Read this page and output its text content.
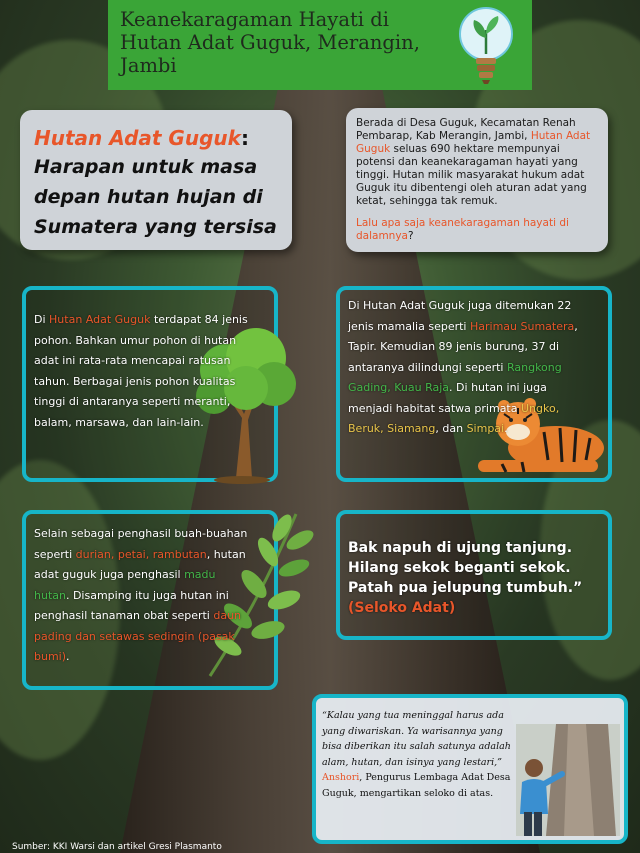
Keanekaragaman Hayati di
Hutan Adat Guguk, Merangin,
Jambi
Hutan Adat Guguk:
Harapan untuk masa
depan hutan hujan di
Sumatera yang tersisa

Berada di Desa Guguk, Kecamatan Renah Pembarap, Kab Merangin, Jambi, Hutan Adat Guguk seluas 690 hektare mempunyai potensi dan keanekaragaman hayati yang tinggi. Hutan milik masyarakat hukum adat Guguk itu dibentengi oleh aturan adat yang ketat, sehingga tak remuk.

Lalu apa saja keanekaragaman hayati di dalamnya?

Di Hutan Adat Guguk terdapat 84 jenis pohon. Bahkan umur pohon di hutan adat ini rata-rata mencapai ratusan tahun. Berbagai jenis pohon kualitas tinggi di antaranya seperti meranti, balam, marsawa, dan lain-lain.
Di Hutan Adat Guguk juga ditemukan 22 jenis mamalia seperti Harimau Sumatera, Tapir. Kemudian 89 jenis burung, 37 di antaranya dilindungi seperti Rangkong Gading, Kuau Raja. Di hutan ini juga menjadi habitat satwa primata Ungko, Beruk, Siamang, dan Simpai.
Selain sebagai penghasil buah-buahan seperti durian, petai, rambutan, hutan adat guguk juga penghasil madu hutan. Disamping itu juga hutan ini penghasil tanaman obat seperti daun pading dan setawas sedingin (pasak bumi).
Bak napuh di ujung tanjung.
Hilang sekok beganti sekok.
Patah pua jelupung tumbuh.”
(Seloko Adat)
“Kalau yang tua meninggal harus ada yang diwariskan. Ya warisannya yang bisa diberikan itu salah satunya adalah alam, hutan, dan isinya yang lestari,” Anshori, Pengurus Lembaga Adat Desa Guguk, mengartikan seloko di atas.
Sumber: KKI Warsi dan artikel Gresi Plasmanto
